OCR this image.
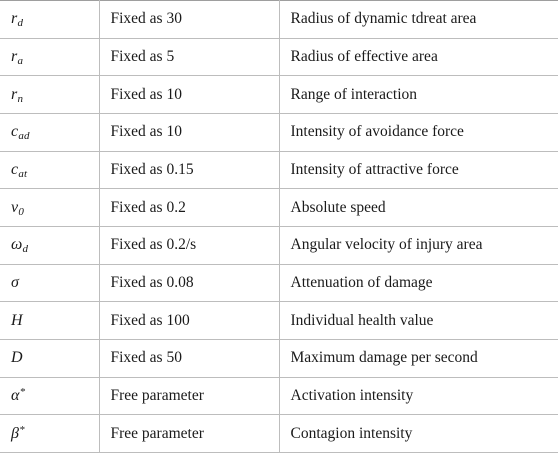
$r_d$	Fixed as 30	Radius of dynamic tdreat area
$r_a$	Fixed as 5	Radius of effective area
$r_n$	Fixed as 10	Range of interaction
$c_{ad}$	Fixed as 10	Intensity of avoidance force
$c_{at}$	Fixed as 0.15	Intensity of attractive force
$v_0$	Fixed as 0.2	Absolute speed
$\omega_d$	Fixed as 0.2/s	Angular velocity of injury area
σ	Fixed as 0.08	Attenuation of damage
H	Fixed as 100	Individual health value
D	Fixed as 50	Maximum damage per second
α*	Free parameter	Activation intensity
β*	Free parameter	Contagion intensity
